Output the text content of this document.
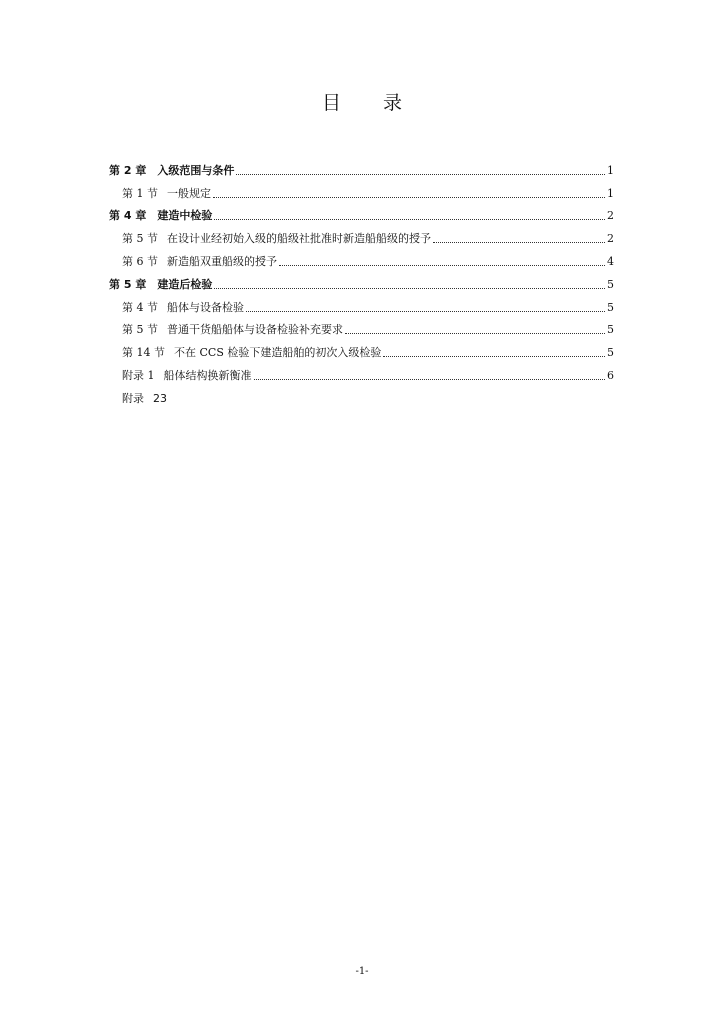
目 录
第 2 章 入级范围与条件	1
第 1 节 一般规定	1
第 4 章 建造中检验	2
第 5 节 在设计业经初始入级的船级社批准时新造船船级的授予	2
第 6 节 新造船双重船级的授予	4
第 5 章 建造后检验	5
第 4 节 船体与设备检验	5
第 5 节 普通干货船船体与设备检验补充要求	5
第 14 节 不在 CCS 检验下建造船舶的初次入级检验	5
附录 1 船体结构换新衡准	6
附录 23
-1-
